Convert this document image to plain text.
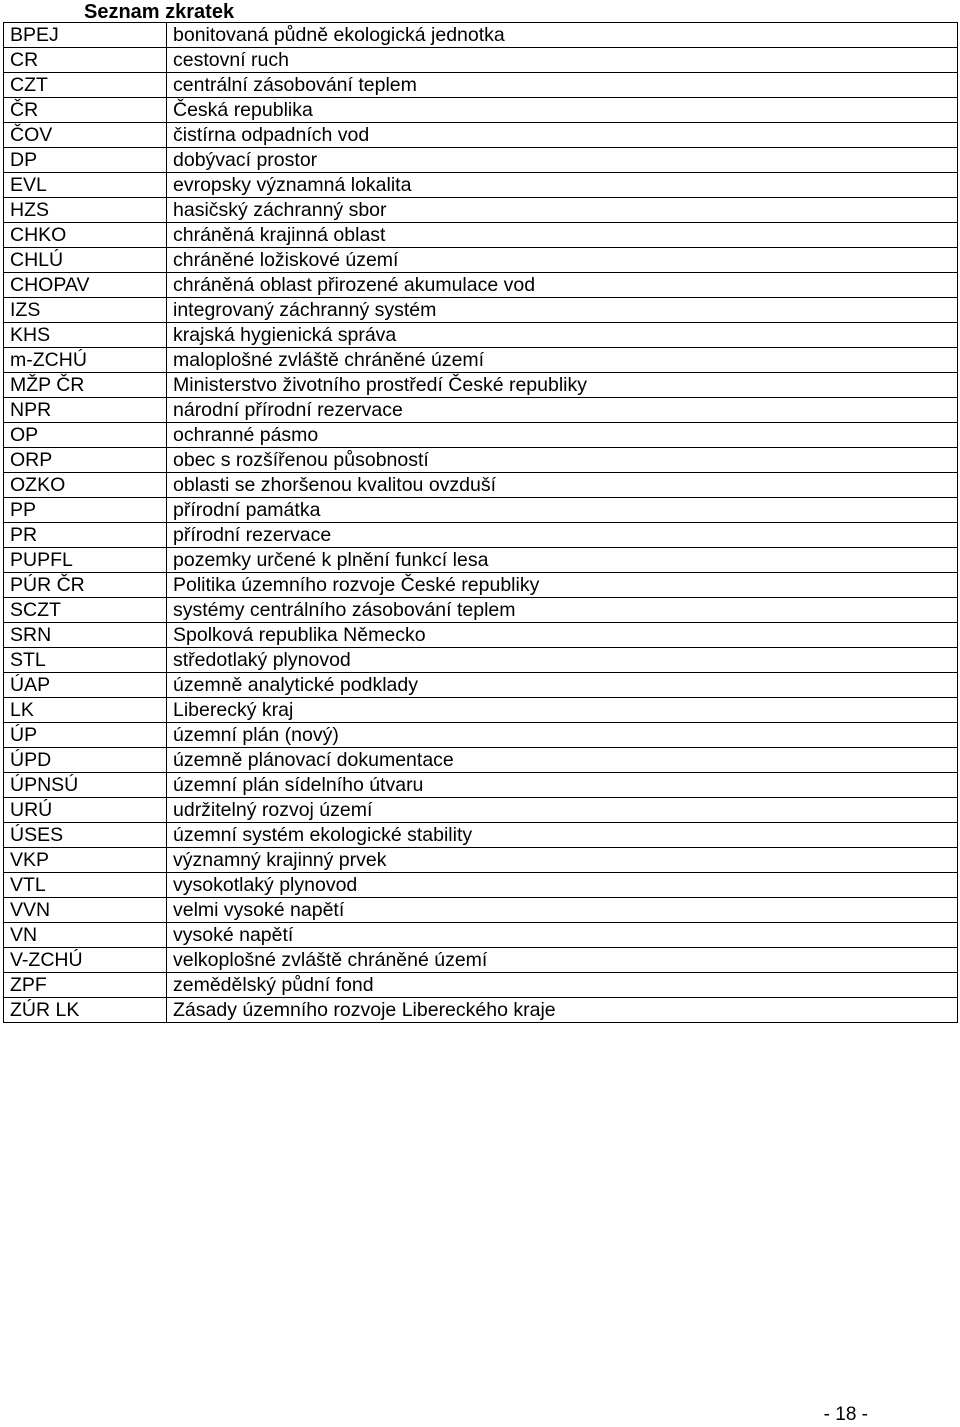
Seznam zkratek
BPEJ	bonitovaná půdně ekologická jednotka
CR	cestovní ruch
CZT	centrální zásobování teplem
ČR	Česká republika
ČOV	čistírna odpadních vod
DP	dobývací prostor
EVL	evropsky významná lokalita
HZS	hasičský záchranný sbor
CHKO	chráněná krajinná oblast
CHLÚ	chráněné ložiskové území
CHOPAV	chráněná oblast přirozené akumulace vod
IZS	integrovaný záchranný systém
KHS	krajská hygienická správa
m-ZCHÚ	maloplošné zvláště chráněné území
MŽP ČR	Ministerstvo životního prostředí České republiky
NPR	národní přírodní rezervace
OP	ochranné pásmo
ORP	obec s rozšířenou působností
OZKO	oblasti se zhoršenou kvalitou ovzduší
PP	přírodní památka
PR	přírodní rezervace
PUPFL	pozemky určené k plnění funkcí lesa
PÚR ČR	Politika územního rozvoje České republiky
SCZT	systémy centrálního zásobování teplem
SRN	Spolková republika Německo
STL	středotlaký plynovod
ÚAP	územně analytické podklady
LK	Liberecký kraj
ÚP	územní plán (nový)
ÚPD	územně plánovací dokumentace
ÚPNSÚ	územní plán sídelního útvaru
URÚ	udržitelný rozvoj území
ÚSES	územní systém ekologické stability
VKP	významný krajinný prvek
VTL	vysokotlaký plynovod
VVN	velmi vysoké napětí
VN	vysoké napětí
V-ZCHÚ	velkoplošné zvláště chráněné území
ZPF	zemědělský půdní fond
ZÚR LK	Zásady územního rozvoje Libereckého kraje
- 18 -
